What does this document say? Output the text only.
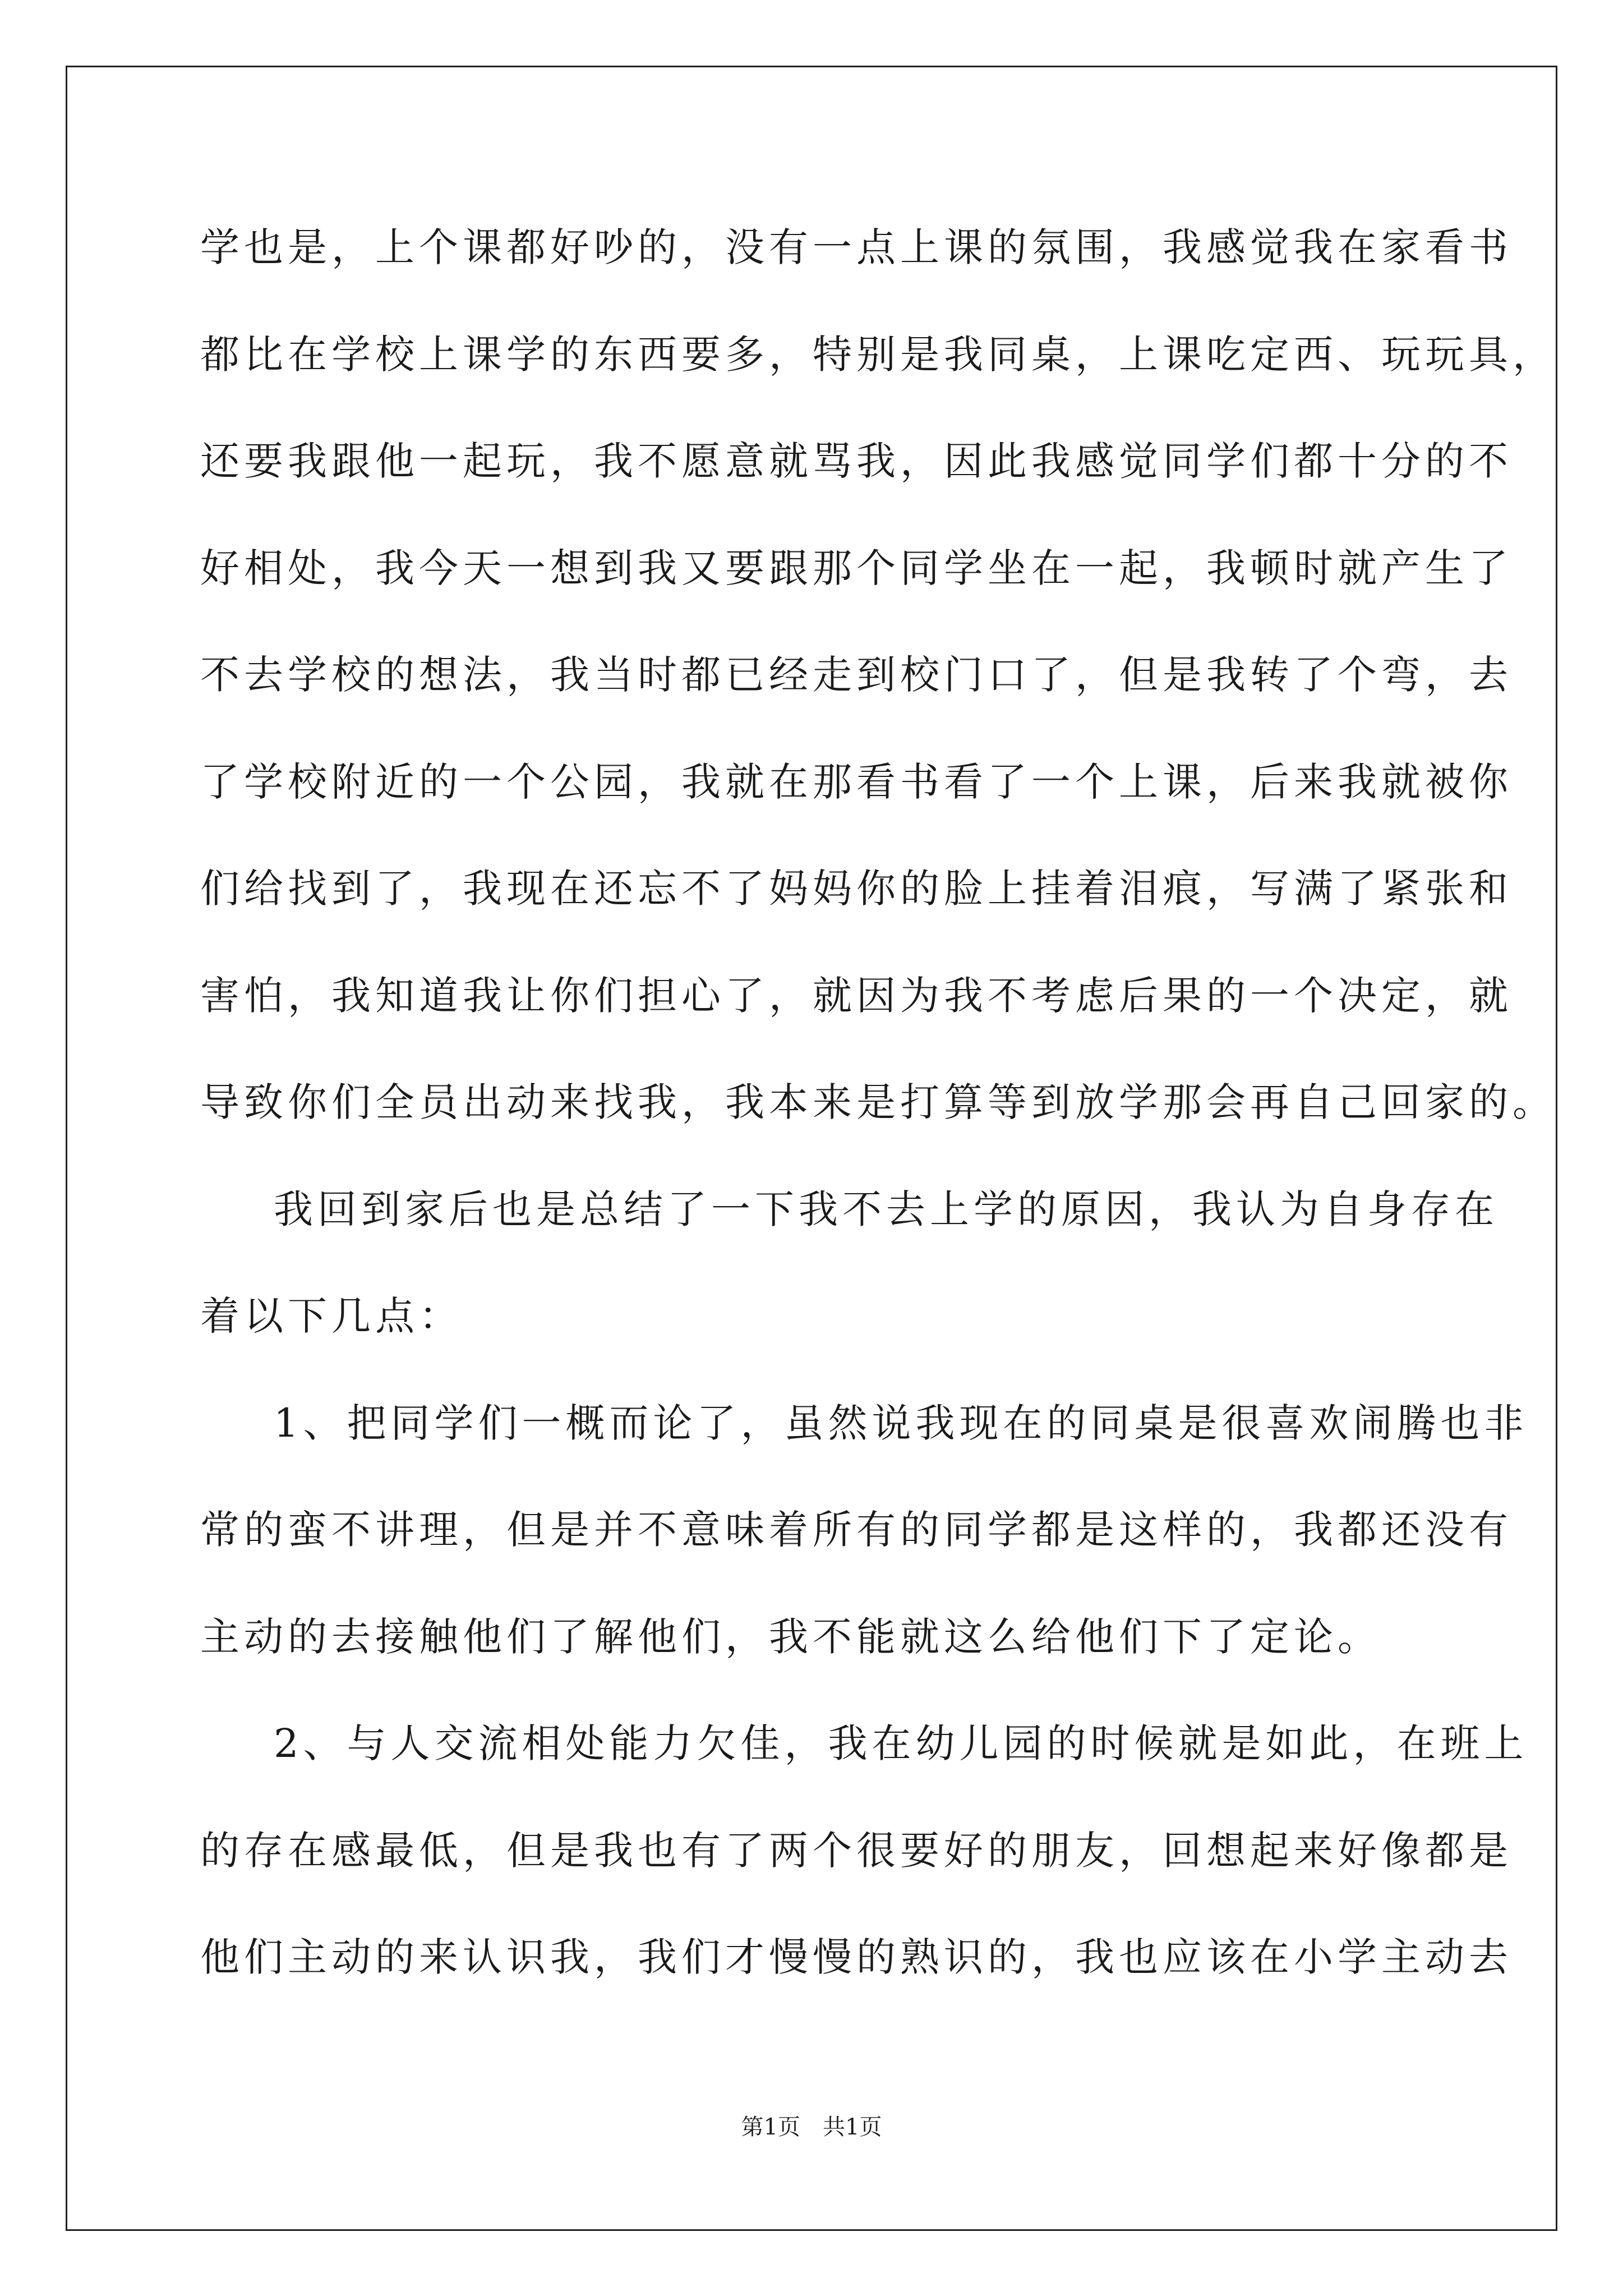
学也是，上个课都好吵的，没有一点上课的氛围，我感觉我在家看书
都比在学校上课学的东西要多，特别是我同桌，上课吃定西、玩玩具，
还要我跟他一起玩，我不愿意就骂我，因此我感觉同学们都十分的不
好相处，我今天一想到我又要跟那个同学坐在一起，我顿时就产生了
不去学校的想法，我当时都已经走到校门口了，但是我转了个弯，去
了学校附近的一个公园，我就在那看书看了一个上课，后来我就被你
们给找到了，我现在还忘不了妈妈你的脸上挂着泪痕，写满了紧张和
害怕，我知道我让你们担心了，就因为我不考虑后果的一个决定，就
导致你们全员出动来找我，我本来是打算等到放学那会再自己回家的。
我回到家后也是总结了一下我不去上学的原因，我认为自身存在
着以下几点：
1、把同学们一概而论了，虽然说我现在的同桌是很喜欢闹腾也非
常的蛮不讲理，但是并不意味着所有的同学都是这样的，我都还没有
主动的去接触他们了解他们，我不能就这么给他们下了定论。
2、与人交流相处能力欠佳，我在幼儿园的时候就是如此，在班上
的存在感最低，但是我也有了两个很要好的朋友，回想起来好像都是
他们主动的来认识我，我们才慢慢的熟识的，我也应该在小学主动去
第1页 共1页
